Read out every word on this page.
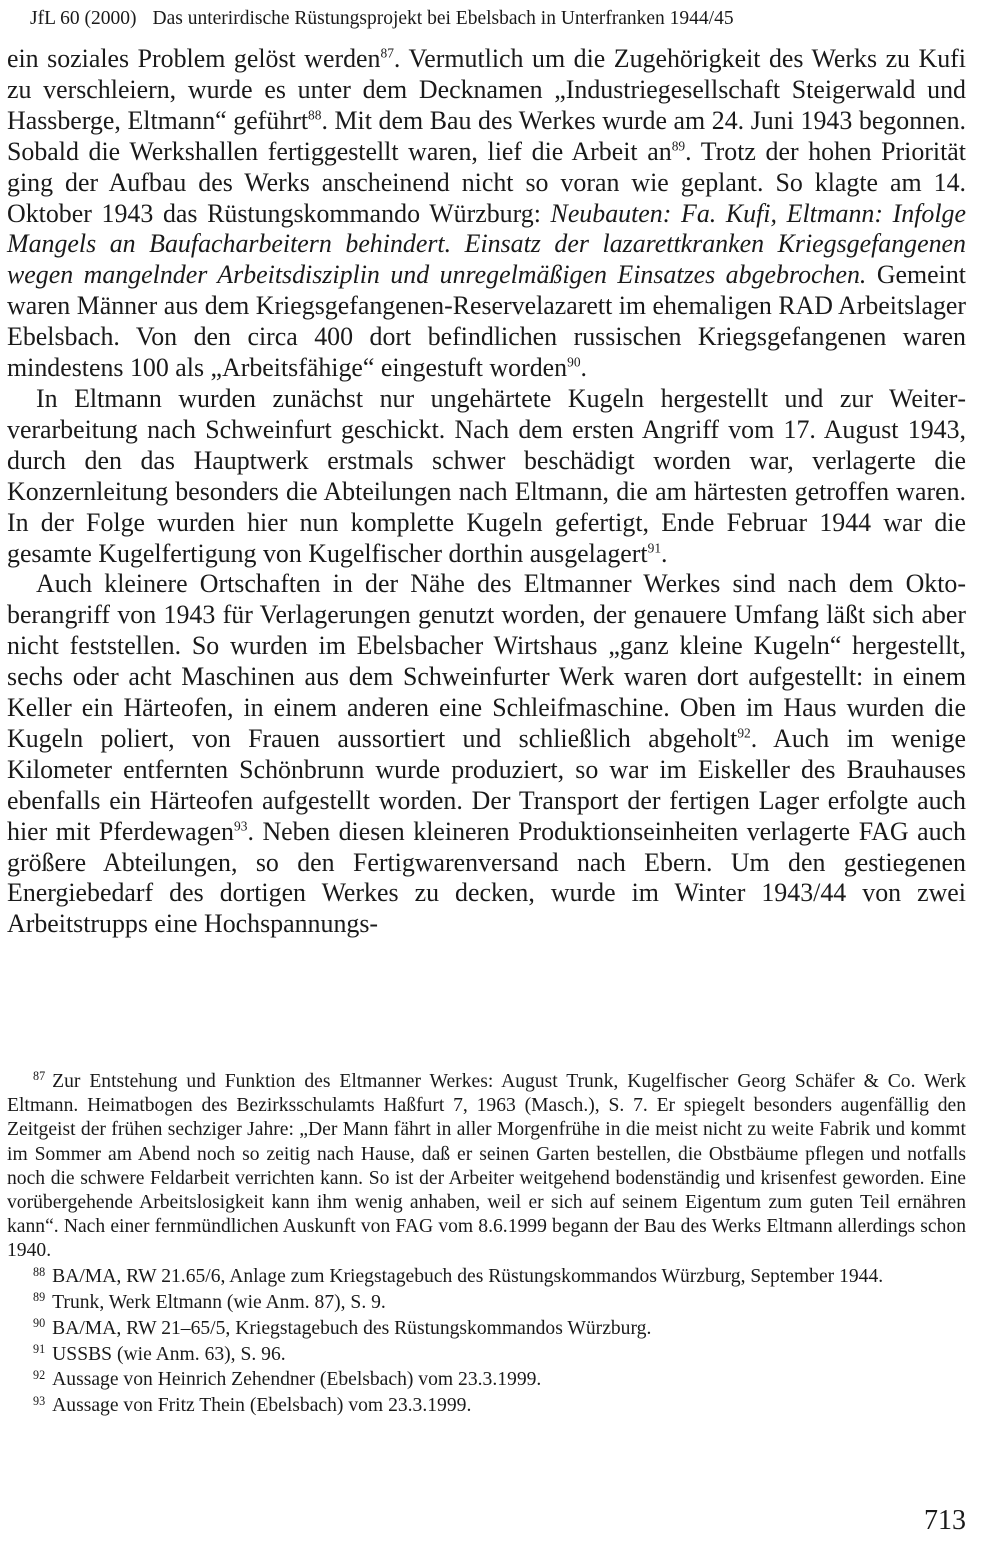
JfL 60 (2000) Das unterirdische Rüstungsprojekt bei Ebelsbach in Unterfranken 1944/45

ein soziales Problem gelöst werden$^{87}$. Vermutlich um die Zugehörigkeit des Werks zu Kufi zu verschleiern, wurde es unter dem Decknamen „Industriegesellschaft Steigerwald und Hassberge, Eltmann“ geführt$^{88}$. Mit dem Bau des Werkes wurde am 24. Juni 1943 begonnen. Sobald die Werkshallen fertiggestellt waren, lief die Arbeit $an^{89}$. Trotz der hohen Priorität ging der Aufbau des Werks anscheinend nicht so voran wie geplant. So klagte am 14. Oktober 1943 das Rüstungskommando Würzburg: Neubauten: Fa. Kufi, Eltmann: Infolge Mangels an Baufacharbeitern behindert. Einsatz der lazarettkranken Kriegsgefangenen wegen mangelnder Arbeitsdisziplin und unregelmäßigen Einsatzes abgebrochen. Gemeint waren Männer aus dem Kriegsgefangenen-Reservelazarett im ehemaligen RAD Arbeitslager Ebelsbach. Von den circa 400 dort befindlichen russischen Kriegsgefangenen waren mindestens 100 als „Arbeitsfähige“ eingestuft worden$^{90}$.

In Eltmann wurden zunächst nur ungehärtete Kugeln hergestellt und zur Weiterverarbeitung nach Schweinfurt geschickt. Nach dem ersten Angriff vom 17. August 1943, durch den das Hauptwerk erstmals schwer beschädigt worden war, verlagerte die Konzernleitung besonders die Abteilungen nach Eltmann, die am härtesten getroffen waren. In der Folge wurden hier nun komplette Kugeln gefertigt, Ende Februar 1944 war die gesamte Kugelfertigung von Kugelfischer dorthin ausgelagert$^{91}$.

Auch kleinere Ortschaften in der Nähe des Eltmanner Werkes sind nach dem Oktoberangriff von 1943 für Verlagerungen genutzt worden, der genauere Umfang läßt sich aber nicht feststellen. So wurden im Ebelsbacher Wirtshaus „ganz kleine Kugeln“ hergestellt, sechs oder acht Maschinen aus dem Schweinfurter Werk waren dort aufgestellt: in einem Keller ein Härteofen, in einem anderen eine Schleifmaschine. Oben im Haus wurden die Kugeln poliert, von Frauen aussortiert und schließlich abgeholt$^{92}$. Auch im wenige Kilometer entfernten Schönbrunn wurde produziert, so war im Eiskeller des Brauhauses ebenfalls ein Härteofen aufgestellt worden. Der Transport der fertigen Lager erfolgte auch hier mit Pferdewagen$^{93}$. Neben diesen kleineren Produktionseinheiten verlagerte FAG auch größere Abteilungen, so den Fertigwarenversand nach Ebern. Um den gestiegenen Energiebedarf des dortigen Werkes zu decken, wurde im Winter 1943/44 von zwei Arbeitstrupps eine Hochspannungs-

$^{87}$ Zur Entstehung und Funktion des Eltmanner Werkes: August Trunk, Kugelfischer Georg Schäfer & Co. Werk Eltmann. Heimatbogen des Bezirksschulamts Haßfurt 7, 1963 (Masch.), S. 7. Er spiegelt besonders augenfällig den Zeitgeist der frühen sechziger Jahre: „Der Mann fährt in aller Morgenfrühe in die meist nicht zu weite Fabrik und kommt im Sommer am Abend noch so zeitig nach Hause, daß er seinen Garten bestellen, die Obstbäume pflegen und notfalls noch die schwere Feldarbeit verrichten kann. So ist der Arbeiter weitgehend bodenständig und krisenfest geworden. Eine vorübergehende Arbeitslosigkeit kann ihm wenig anhaben, weil er sich auf seinem Eigentum zum guten Teil ernähren kann“. Nach einer fernmündlichen Auskunft von FAG vom 8.6.1999 begann der Bau des Werks Eltmann allerdings schon 1940.

$^{88}$ BA/MA, RW 21.65/6, Anlage zum Kriegstagebuch des Rüstungskommandos Würzburg, September 1944.

$^{89}$ Trunk, Werk Eltmann (wie Anm. 87), S. 9.

$^{90}$ BA/MA, RW 21–65/5, Kriegstagebuch des Rüstungskommandos Würzburg.

$^{91}$ USSBS (wie Anm. 63), S. 96.

$^{92}$ Aussage von Heinrich Zehendner (Ebelsbach) vom 23.3.1999.

$^{93}$ Aussage von Fritz Thein (Ebelsbach) vom 23.3.1999.

713
